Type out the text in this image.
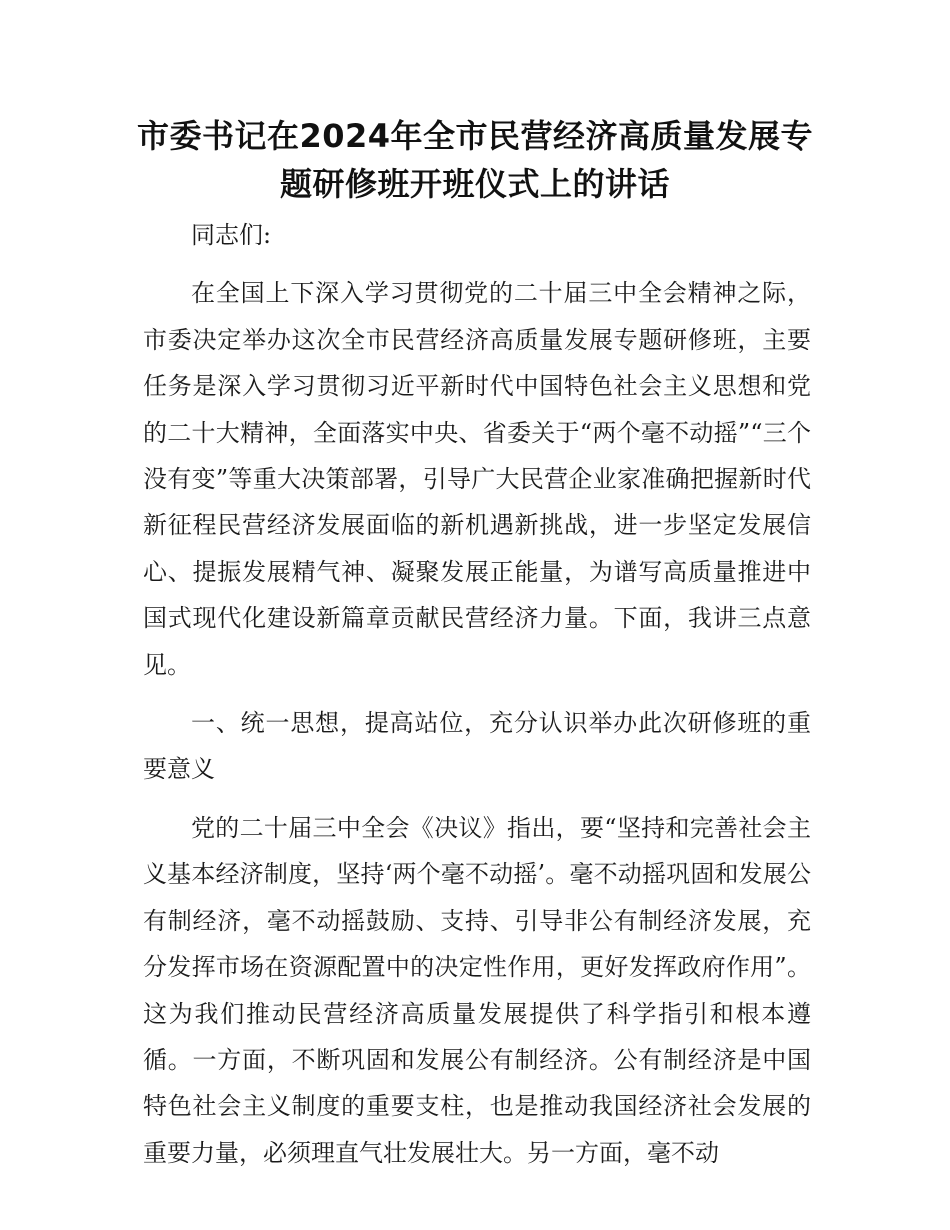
市委书记在2024年全市民营经济高质量发展专题研修班开班仪式上的讲话

同志们:

在全国上下深入学习贯彻党的二十届三中全会精神之际，市委决定举办这次全市民营经济高质量发展专题研修班，主要任务是深入学习贯彻习近平新时代中国特色社会主义思想和党的二十大精神，全面落实中央、省委关于“两个毫不动摇”“三个没有变”等重大决策部署，引导广大民营企业家准确把握新时代新征程民营经济发展面临的新机遇新挑战，进一步坚定发展信心、提振发展精气神、凝聚发展正能量，为谱写高质量推进中国式现代化建设新篇章贡献民营经济力量。下面，我讲三点意见。

一、统一思想，提高站位，充分认识举办此次研修班的重要意义

党的二十届三中全会《决议》指出，要“坚持和完善社会主义基本经济制度，坚持‘两个毫不动摇’。毫不动摇巩固和发展公有制经济，毫不动摇鼓励、支持、引导非公有制经济发展，充分发挥市场在资源配置中的决定性作用，更好发挥政府作用”。这为我们推动民营经济高质量发展提供了科学指引和根本遵循。一方面，不断巩固和发展公有制经济。公有制经济是中国特色社会主义制度的重要支柱，也是推动我国经济社会发展的重要力量，必须理直气壮发展壮大。另一方面，毫不动
